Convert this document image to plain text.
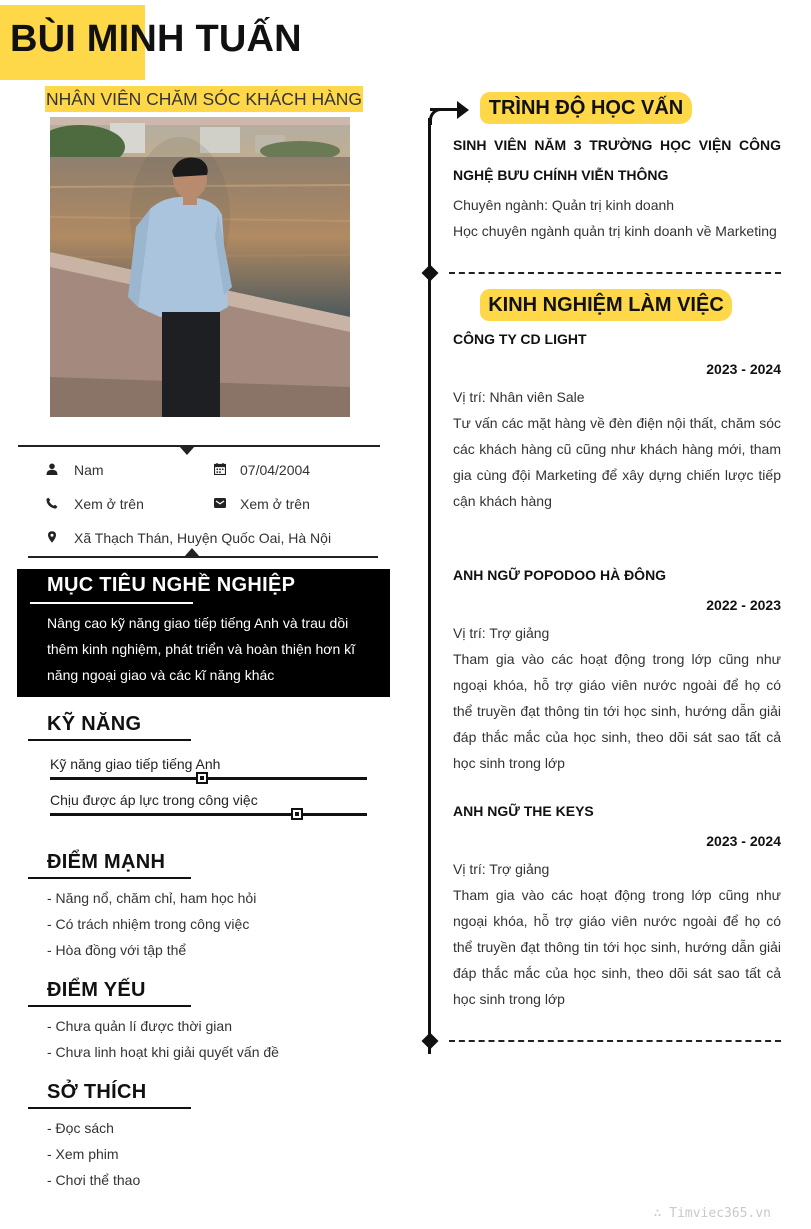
BÙI MINH TUẤN
NHÂN VIÊN CHĂM SÓC KHÁCH HÀNG
Nam	07/04/2004
Xem ở trên	Xem ở trên
Xã Thạch Thán, Huyện Quốc Oai, Hà Nội
MỤC TIÊU NGHỀ NGHIỆP
Nâng cao kỹ năng giao tiếp tiếng Anh và trau dồi thêm kinh nghiệm, phát triển và hoàn thiện hơn kĩ năng ngoại giao và các kĩ năng khác
KỸ NĂNG
Kỹ năng giao tiếp tiếng Anh
Chịu được áp lực trong công việc
ĐIỂM MẠNH
- Năng nổ, chăm chỉ, ham học hỏi
- Có trách nhiệm trong công việc
- Hòa đồng với tập thể
ĐIỂM YẾU
- Chưa quản lí được thời gian
- Chưa linh hoạt khi giải quyết vấn đề
SỞ THÍCH
- Đọc sách
- Xem phim
- Chơi thể thao
TRÌNH ĐỘ HỌC VẤN
SINH VIÊN NĂM 3 TRƯỜNG HỌC VIỆN CÔNG NGHỆ BƯU CHÍNH VIỄN THÔNG
Chuyên ngành: Quản trị kinh doanh
Học chuyên ngành quản trị kinh doanh về Marketing
KINH NGHIỆM LÀM VIỆC
CÔNG TY CD LIGHT
2023 - 2024
Vị trí: Nhân viên Sale
Tư vấn các mặt hàng về đèn điện nội thất, chăm sóc các khách hàng cũ cũng như khách hàng mới, tham gia cùng đội Marketing để xây dựng chiến lược tiếp cận khách hàng
ANH NGỮ POPODOO HÀ ĐÔNG
2022 - 2023
Vị trí: Trợ giảng
Tham gia vào các hoạt động trong lớp cũng như ngoại khóa, hỗ trợ giáo viên nước ngoài để họ có thể truyền đạt thông tin tới học sinh, hướng dẫn giải đáp thắc mắc của học sinh, theo dõi sát sao tất cả học sinh trong lớp
ANH NGỮ THE KEYS
2023 - 2024
Vị trí: Trợ giảng
Tham gia vào các hoạt động trong lớp cũng như ngoại khóa, hỗ trợ giáo viên nước ngoài để họ có thể truyền đạt thông tin tới học sinh, hướng dẫn giải đáp thắc mắc của học sinh, theo dõi sát sao tất cả học sinh trong lớp
∴ Timviec365.vn
